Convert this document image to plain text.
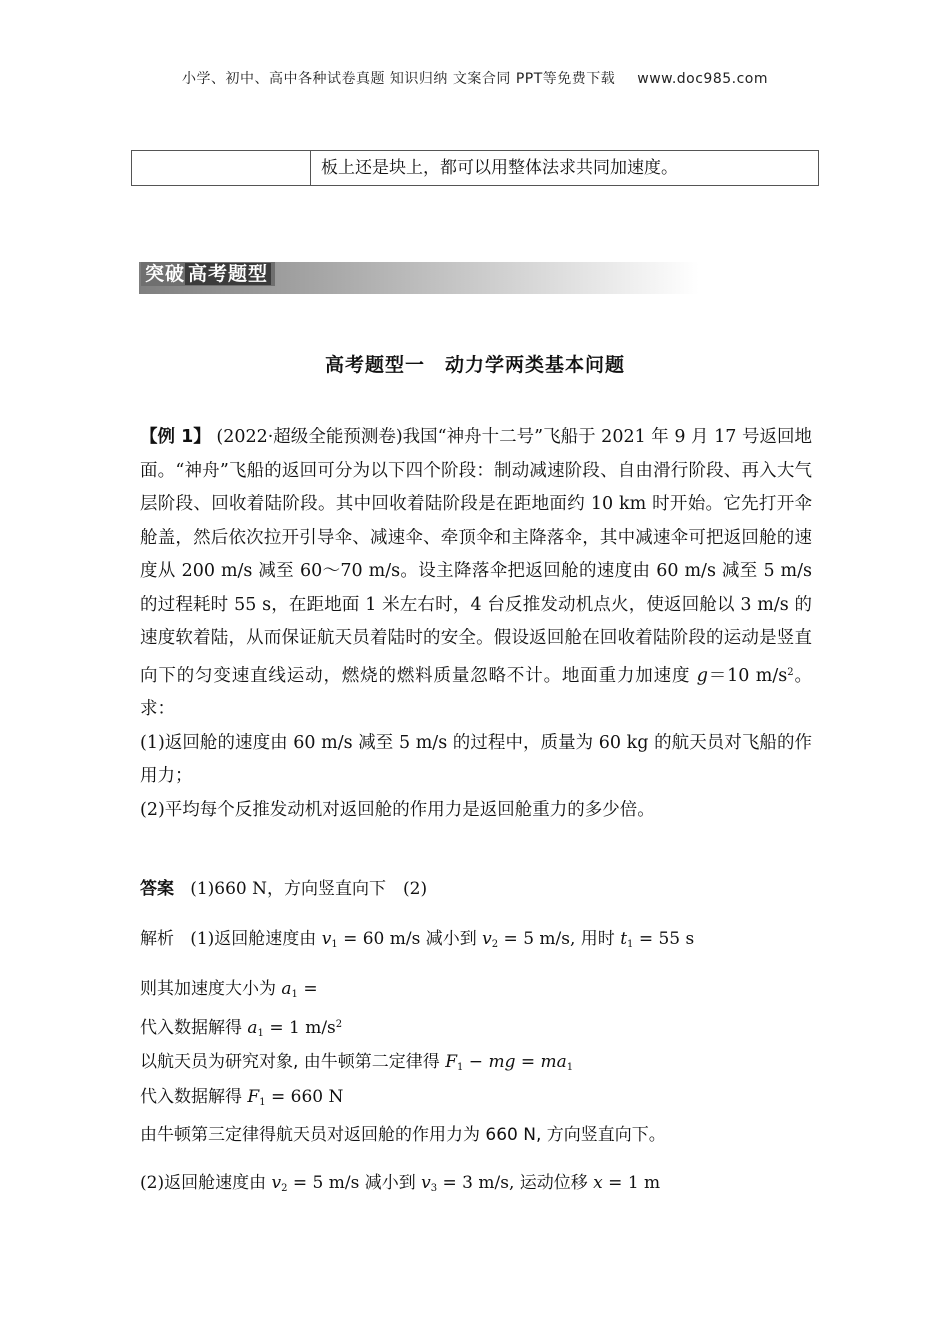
小学、初中、高中各种试卷真题 知识归纳 文案合同 PPT等免费下载 www.doc985.com
板上还是块上，都可以用整体法求共同加速度。
突破 高考题型
高考题型一　动力学两类基本问题
【例 1】 (2022·超级全能预测卷)我国“神舟十二号”飞船于 2021 年 9 月 17 号返回地面。“神舟”飞船的返回可分为以下四个阶段：制动减速阶段、自由滑行阶段、再入大气层阶段、回收着陆阶段。其中回收着陆阶段是在距地面约 10 km 时开始。它先打开伞舱盖，然后依次拉开引导伞、减速伞、牵顶伞和主降落伞，其中减速伞可把返回舱的速度从 200 m/s 减至 60～70 m/s。设主降落伞把返回舱的速度由 60 m/s 减至 5 m/s 的过程耗时 55 s，在距地面 1 米左右时，4 台反推发动机点火，使返回舱以 3 m/s 的速度软着陆，从而保证航天员着陆时的安全。假设返回舱在回收着陆阶段的运动是竖直向下的匀变速直线运动，燃烧的燃料质量忽略不计。地面重力加速度 g＝10 $m/s^2$。求：
(1)返回舱的速度由 60 m/s 减至 5 m/s 的过程中，质量为 60 kg 的航天员对飞船的作用力；
(2)平均每个反推发动机对返回舱的作用力是返回舱重力的多少倍。
答案 (1)660 N，方向竖直向下　(2)
解析 (1)返回舱速度由 $v_1 = 60$ m/s 减小到 $v_2 = 5$ m/s, 用时 $t_1 = 55$ s
则其加速度大小为 $a_1$ =
代入数据解得 $a_1 = 1$ $m/s^2$
以航天员为研究对象, 由牛顿第二定律得 $F_1$ − mg = $ma_1$
代入数据解得 $F_1 = 660$ N
由牛顿第三定律得航天员对返回舱的作用力为 660 N, 方向竖直向下。
(2)返回舱速度由 $v_2 = 5$ m/s 减小到 $v_3 = 3$ m/s, 运动位移 x = 1 m
